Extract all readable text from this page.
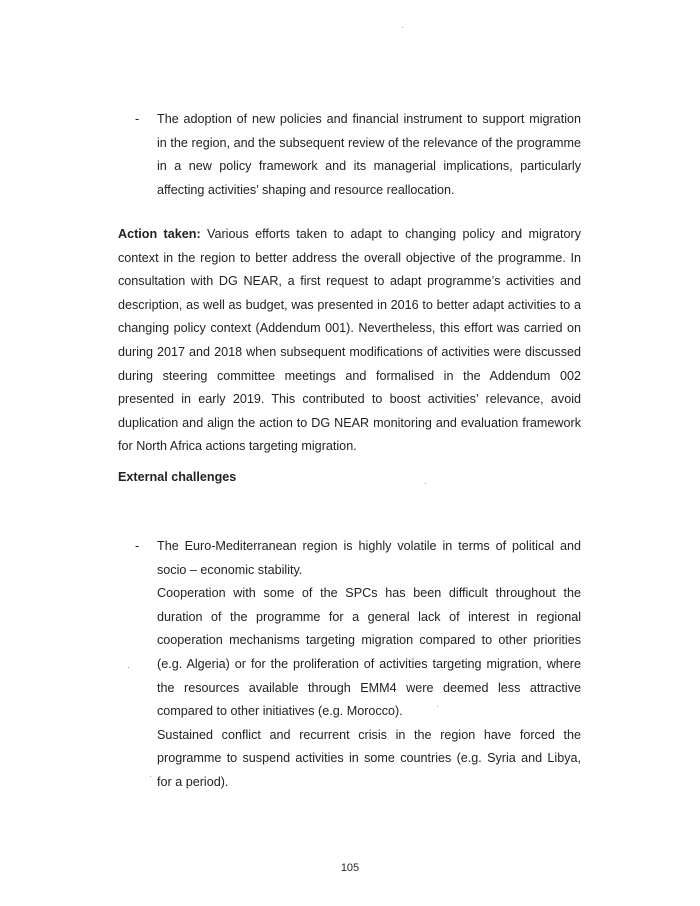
-	The adoption of new policies and financial instrument to support migration in the region, and the subsequent review of the relevance of the programme in a new policy framework and its managerial implications, particularly affecting activities’ shaping and resource reallocation.

Action taken: Various efforts taken to adapt to changing policy and migratory context in the region to better address the overall objective of the programme. In consultation with DG NEAR, a first request to adapt programme’s activities and description, as well as budget, was presented in 2016 to better adapt activities to a changing policy context (Addendum 001). Nevertheless, this effort was carried on during 2017 and 2018 when subsequent modifications of activities were discussed during steering committee meetings and formalised in the Addendum 002 presented in early 2019. This contributed to boost activities’ relevance, avoid duplication and align the action to DG NEAR monitoring and evaluation framework for North Africa actions targeting migration.

External challenges
- The Euro-Mediterranean region is highly volatile in terms of political and socio – economic stability.

Cooperation with some of the SPCs has been difficult throughout the duration of the programme for a general lack of interest in regional cooperation mechanisms targeting migration compared to other priorities (e.g. Algeria) or for the proliferation of activities targeting migration, where the resources available through EMM4 were deemed less attractive compared to other initiatives (e.g. Morocco).

Sustained conflict and recurrent crisis in the region have forced the programme to suspend activities in some countries (e.g. Syria and Libya, for a period).

105
